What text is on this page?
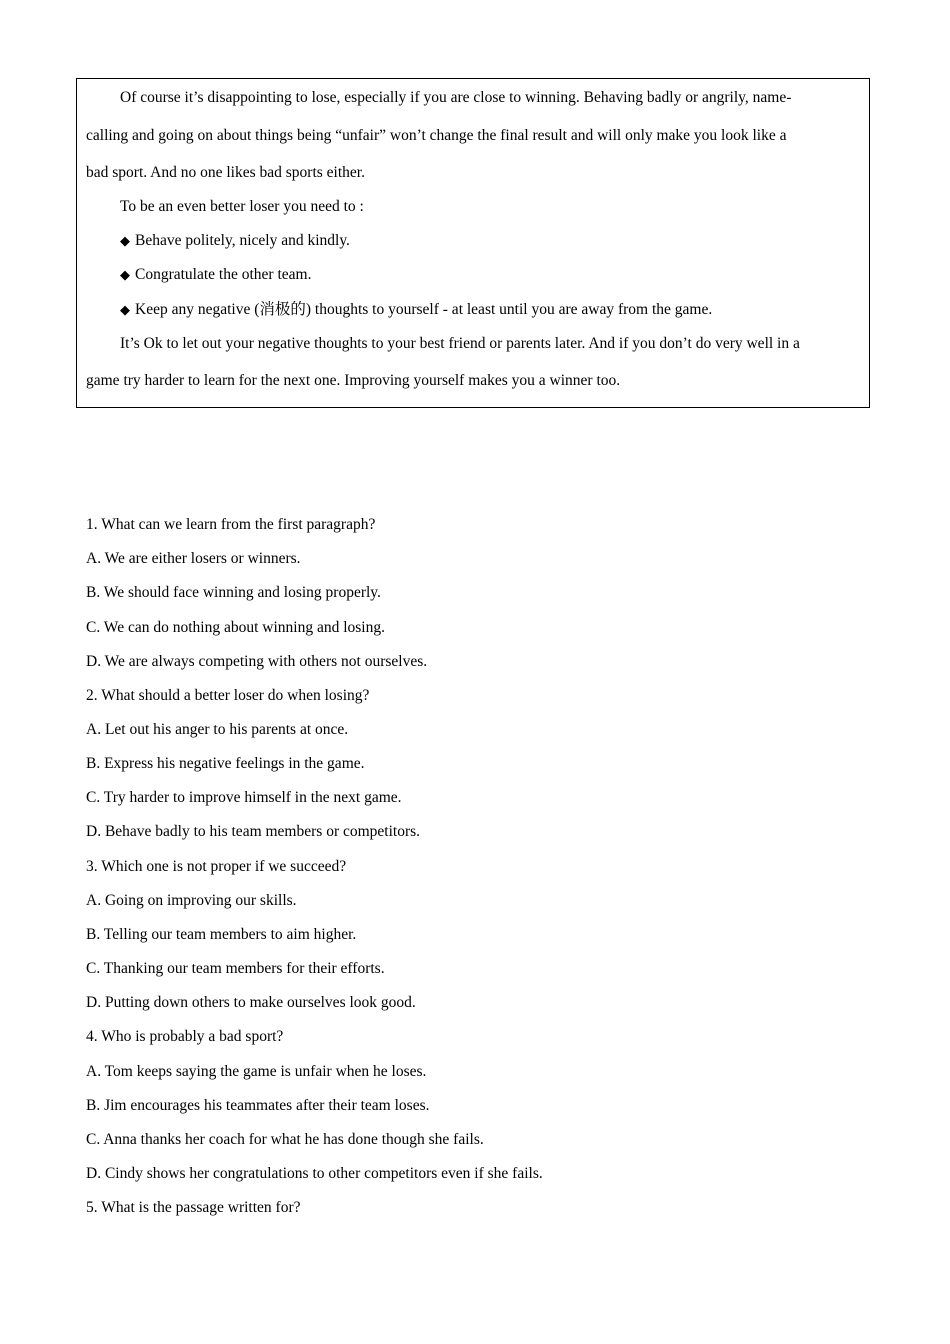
Of course it’s disappointing to lose, especially if you are close to winning. Behaving badly or angrily, name-
calling and going on about things being “unfair” won’t change the final result and will only make you look like a
bad sport. And no one likes bad sports either.
To be an even better loser you need to :
◆ Behave politely, nicely and kindly.
◆ Congratulate the other team.
◆ Keep any negative (消极的) thoughts to yourself - at least until you are away from the game.
It’s Ok to let out your negative thoughts to your best friend or parents later. And if you don’t do very well in a
game try harder to learn for the next one. Improving yourself makes you a winner too.
1. What can we learn from the first paragraph?
A. We are either losers or winners.
B. We should face winning and losing properly.
C. We can do nothing about winning and losing.
D. We are always competing with others not ourselves.
2. What should a better loser do when losing?
A. Let out his anger to his parents at once.
B. Express his negative feelings in the game.
C. Try harder to improve himself in the next game.
D. Behave badly to his team members or competitors.
3. Which one is not proper if we succeed?
A. Going on improving our skills.
B. Telling our team members to aim higher.
C. Thanking our team members for their efforts.
D. Putting down others to make ourselves look good.
4. Who is probably a bad sport?
A. Tom keeps saying the game is unfair when he loses.
B. Jim encourages his teammates after their team loses.
C. Anna thanks her coach for what he has done though she fails.
D. Cindy shows her congratulations to other competitors even if she fails.
5. What is the passage written for?
